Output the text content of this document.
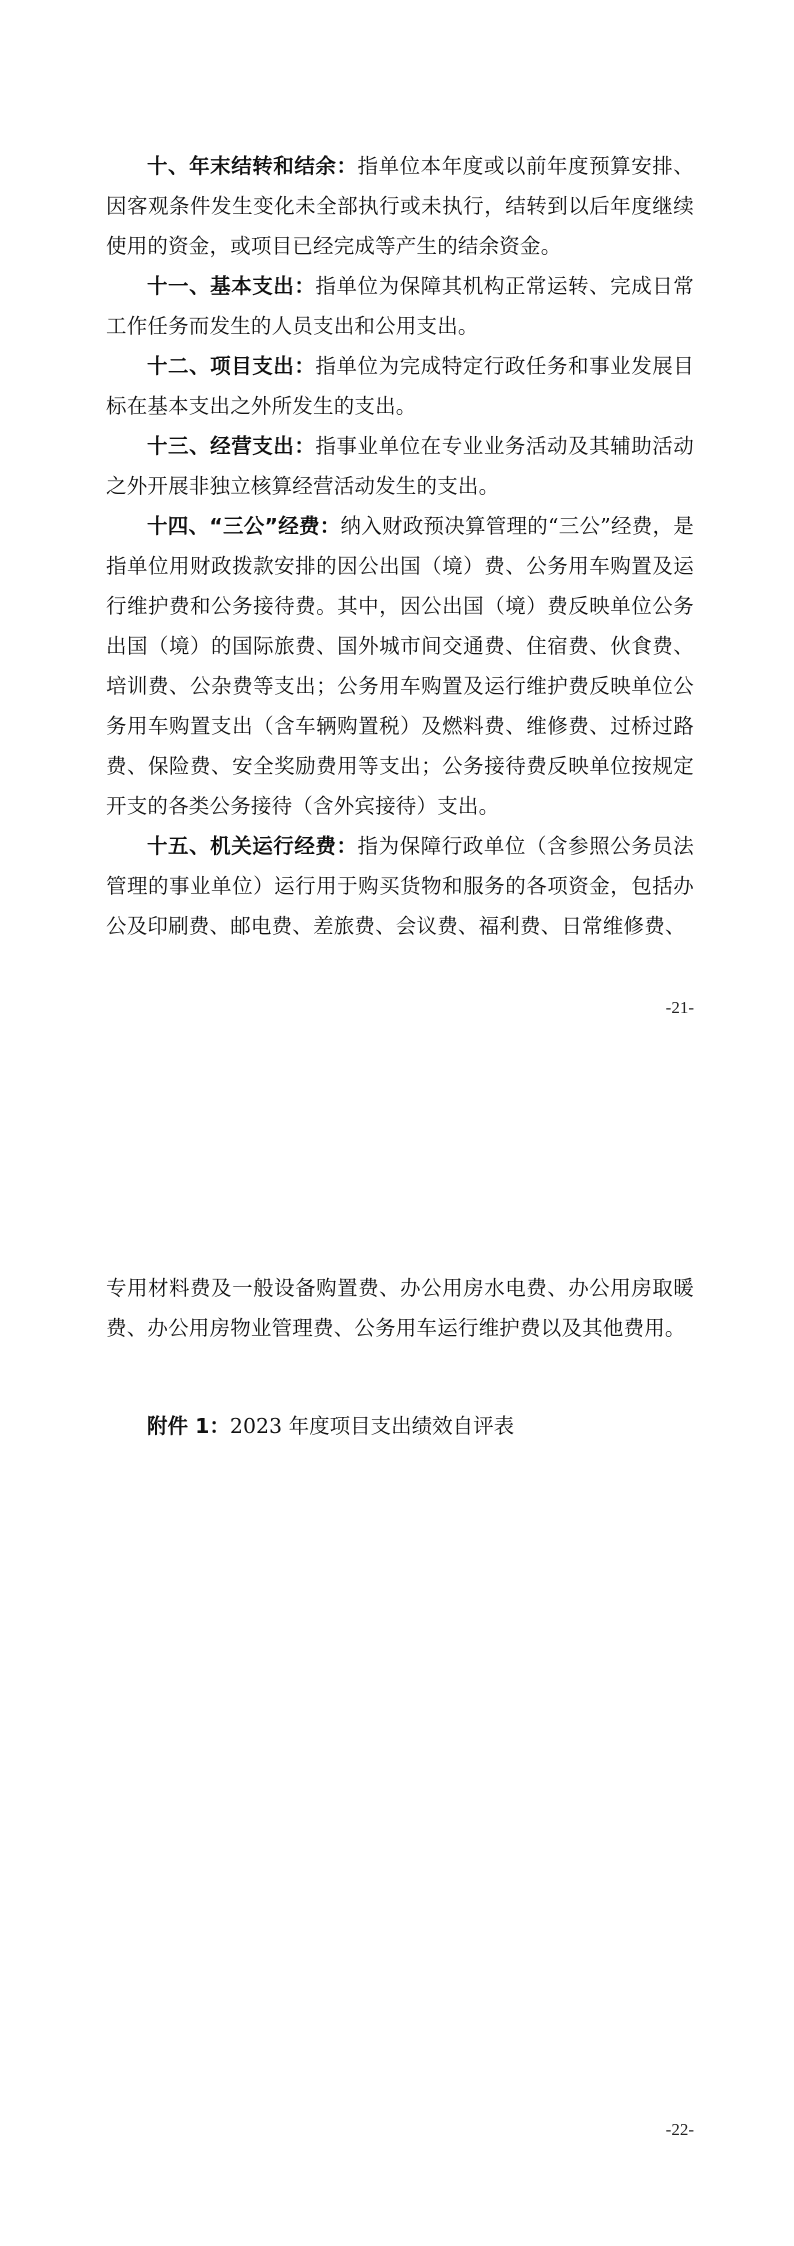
十、年末结转和结余：指单位本年度或以前年度预算安排、因客观条件发生变化未全部执行或未执行，结转到以后年度继续使用的资金，或项目已经完成等产生的结余资金。

十一、基本支出：指单位为保障其机构正常运转、完成日常工作任务而发生的人员支出和公用支出。

十二、项目支出：指单位为完成特定行政任务和事业发展目标在基本支出之外所发生的支出。

十三、经营支出：指事业单位在专业业务活动及其辅助活动之外开展非独立核算经营活动发生的支出。

十四、“三公”经费：纳入财政预决算管理的“三公”经费，是指单位用财政拨款安排的因公出国（境）费、公务用车购置及运行维护费和公务接待费。其中，因公出国（境）费反映单位公务出国（境）的国际旅费、国外城市间交通费、住宿费、伙食费、培训费、公杂费等支出；公务用车购置及运行维护费反映单位公务用车购置支出（含车辆购置税）及燃料费、维修费、过桥过路费、保险费、安全奖励费用等支出；公务接待费反映单位按规定开支的各类公务接待（含外宾接待）支出。

十五、机关运行经费：指为保障行政单位（含参照公务员法管理的事业单位）运行用于购买货物和服务的各项资金，包括办公及印刷费、邮电费、差旅费、会议费、福利费、日常维修费、

-21-

专用材料费及一般设备购置费、办公用房水电费、办公用房取暖费、办公用房物业管理费、公务用车运行维护费以及其他费用。

附件 1：2023 年度项目支出绩效自评表
-22-
